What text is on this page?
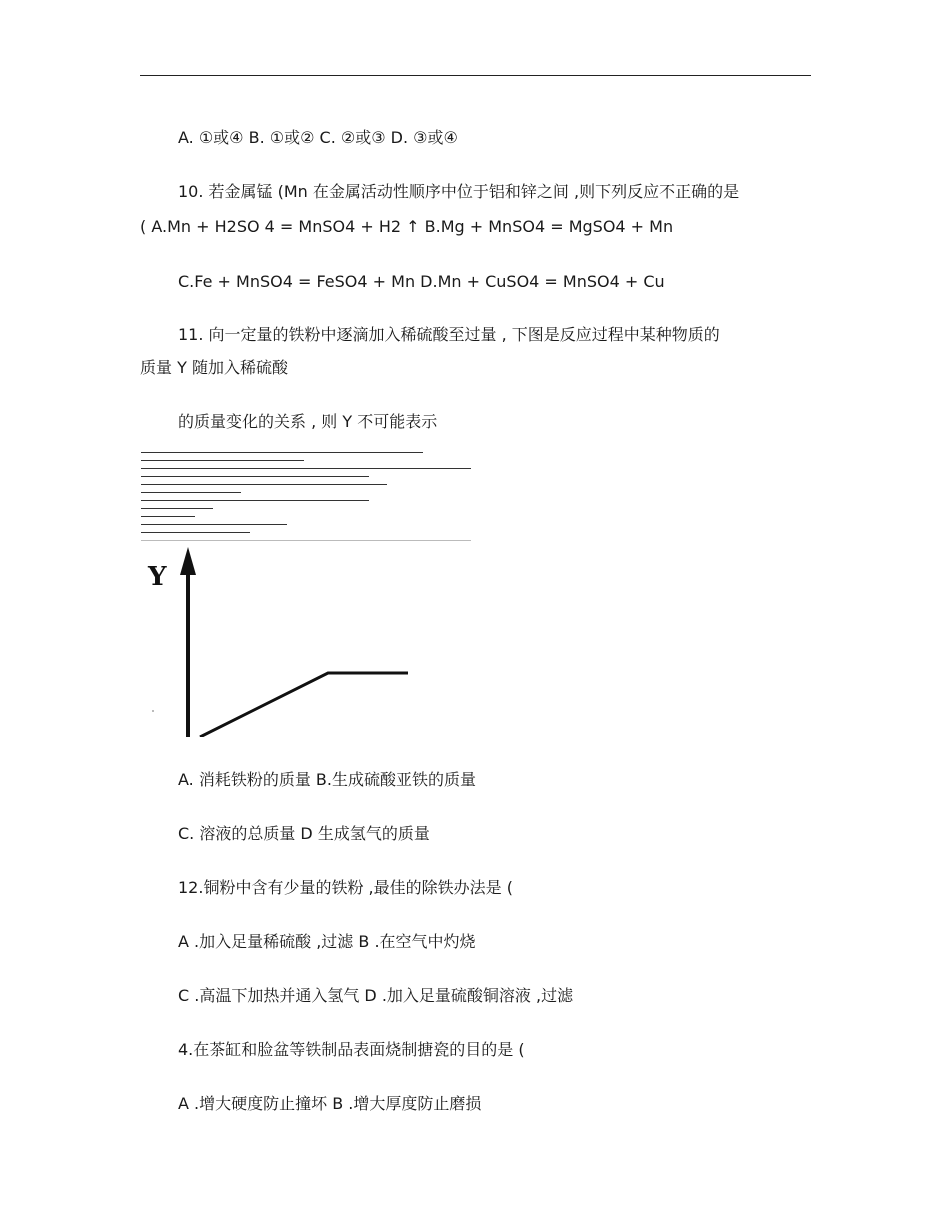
A. ①或④ B. ①或② C. ②或③ D. ③或④
10. 若金属锰 (Mn 在金属活动性顺序中位于铝和锌之间 ,则下列反应不正确的是
( A.Mn + H2SO 4 = MnSO4 + H2 ↑ B.Mg + MnSO4 = MgSO4 + Mn
C.Fe + MnSO4 = FeSO4 + Mn D.Mn + CuSO4 = MnSO4 + Cu
11. 向一定量的铁粉中逐滴加入稀硫酸至过量 , 下图是反应过程中某种物质的
质量 Y 随加入稀硫酸
的质量变化的关系 , 则 Y 不可能表示
Y
A. 消耗铁粉的质量 B.生成硫酸亚铁的质量
C. 溶液的总质量 D 生成氢气的质量
12.铜粉中含有少量的铁粉 ,最佳的除铁办法是 (
A .加入足量稀硫酸 ,过滤 B .在空气中灼烧
C .高温下加热并通入氢气 D .加入足量硫酸铜溶液 ,过滤
4.在茶缸和脸盆等铁制品表面烧制搪瓷的目的是 (
A .增大硬度防止撞坏 B .增大厚度防止磨损
